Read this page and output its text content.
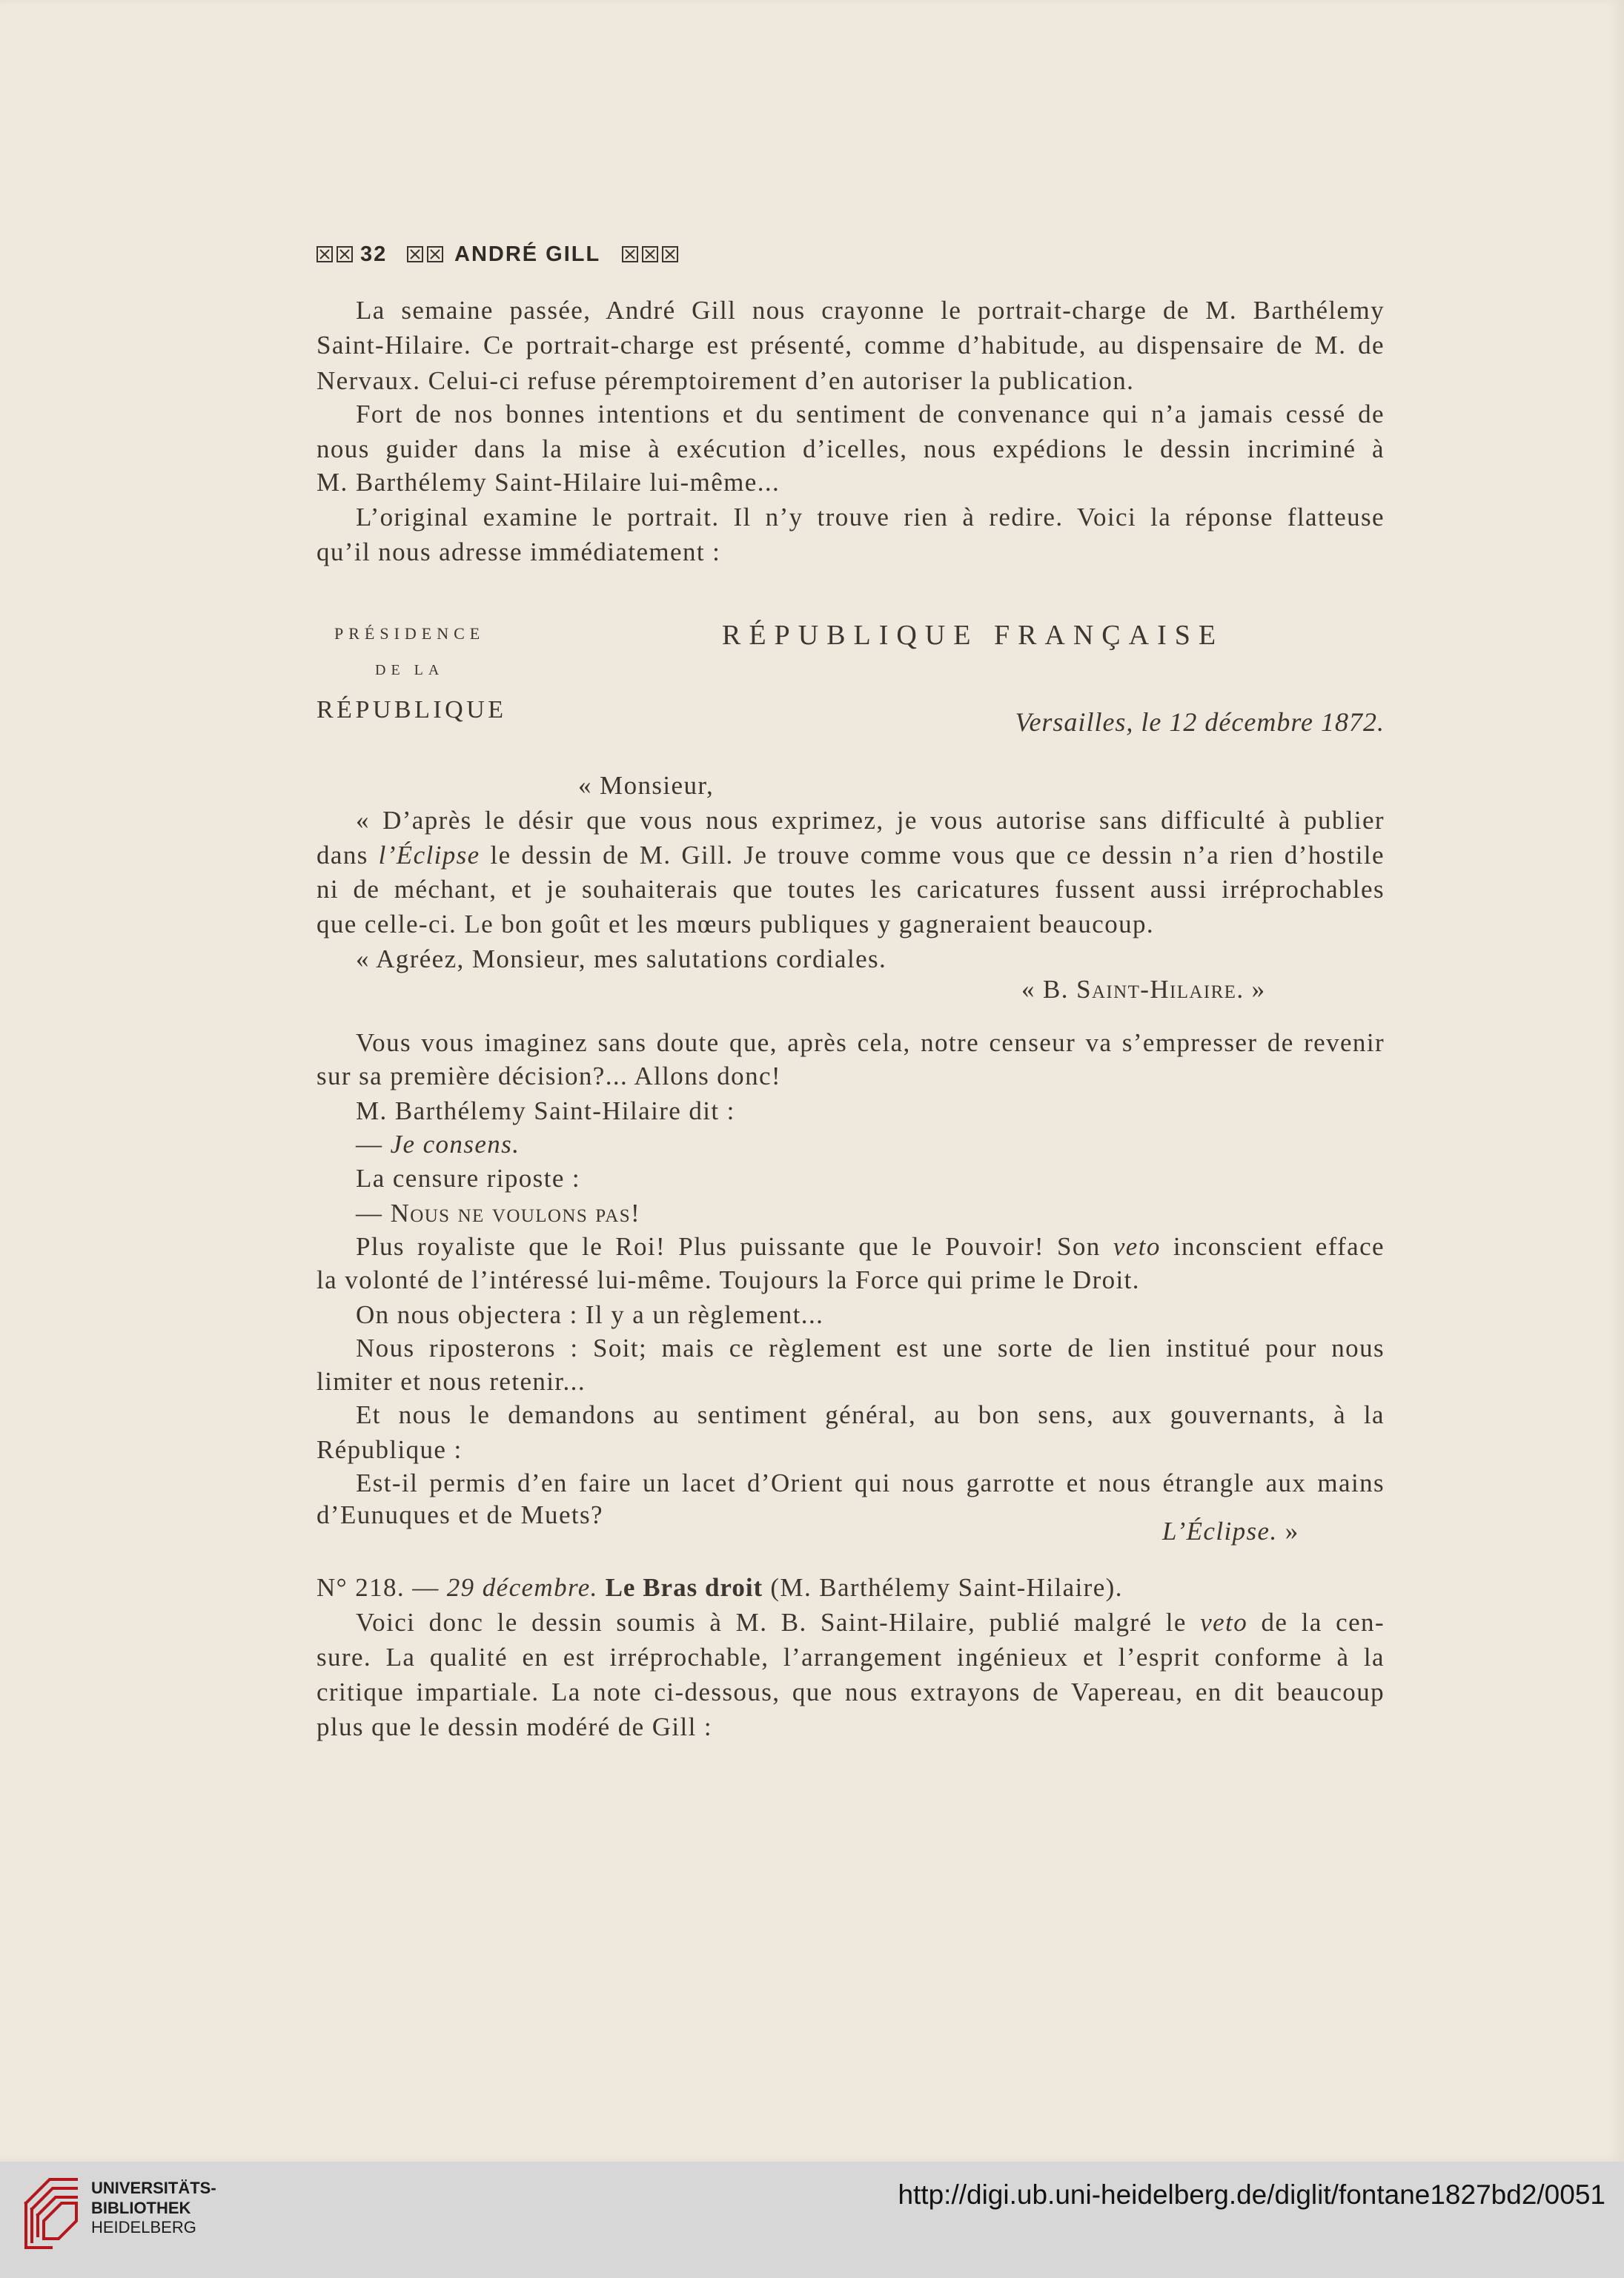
32	ANDRÉ GILL
La semaine passée, André Gill nous crayonne le portrait-charge de M. Barthélemy
Saint-Hilaire. Ce portrait-charge est présenté, comme d’habitude, au dispensaire de M. de
Nervaux. Celui-ci refuse péremptoirement d’en autoriser la publication.
Fort de nos bonnes intentions et du sentiment de convenance qui n’a jamais cessé de
nous guider dans la mise à exécution d’icelles, nous expédions le dessin incriminé à
M. Barthélemy Saint-Hilaire lui-même...
L’original examine le portrait. Il n’y trouve rien à redire. Voici la réponse flatteuse
qu’il nous adresse immédiatement :
PRÉSIDENCE	RÉPUBLIQUE FRANÇAISE
DE LA
RÉPUBLIQUE	Versailles, le 12 décembre 1872.
« Monsieur,
« D’après le désir que vous nous exprimez, je vous autorise sans difficulté à publier
dans l’Éclipse le dessin de M. Gill. Je trouve comme vous que ce dessin n’a rien d’hostile
ni de méchant, et je souhaiterais que toutes les caricatures fussent aussi irréprochables
que celle-ci. Le bon goût et les mœurs publiques y gagneraient beaucoup.
« Agréez, Monsieur, mes salutations cordiales.
« B. Saint-Hilaire. »
Vous vous imaginez sans doute que, après cela, notre censeur va s’empresser de revenir
sur sa première décision?... Allons donc!
M. Barthélemy Saint-Hilaire dit :
— Je consens.
La censure riposte :
— Nous ne voulons pas!
Plus royaliste que le Roi! Plus puissante que le Pouvoir! Son veto inconscient efface
la volonté de l’intéressé lui-même. Toujours la Force qui prime le Droit.
On nous objectera : Il y a un règlement...
Nous riposterons : Soit; mais ce règlement est une sorte de lien institué pour nous
limiter et nous retenir...
Et nous le demandons au sentiment général, au bon sens, aux gouvernants, à la
République :
Est-il permis d’en faire un lacet d’Orient qui nous garrotte et nous étrangle aux mains
d’Eunuques et de Muets?
L’Éclipse. »
N° 218. — 29 décembre. Le Bras droit (M. Barthélemy Saint-Hilaire).
Voici donc le dessin soumis à M. B. Saint-Hilaire, publié malgré le veto de la cen-
sure. La qualité en est irréprochable, l’arrangement ingénieux et l’esprit conforme à la
critique impartiale. La note ci-dessous, que nous extrayons de Vapereau, en dit beaucoup
plus que le dessin modéré de Gill :
UNIVERSITÄTS-
BIBLIOTHEK
HEIDELBERG
http://digi.ub.uni-heidelberg.de/diglit/fontane1827bd2/0051
